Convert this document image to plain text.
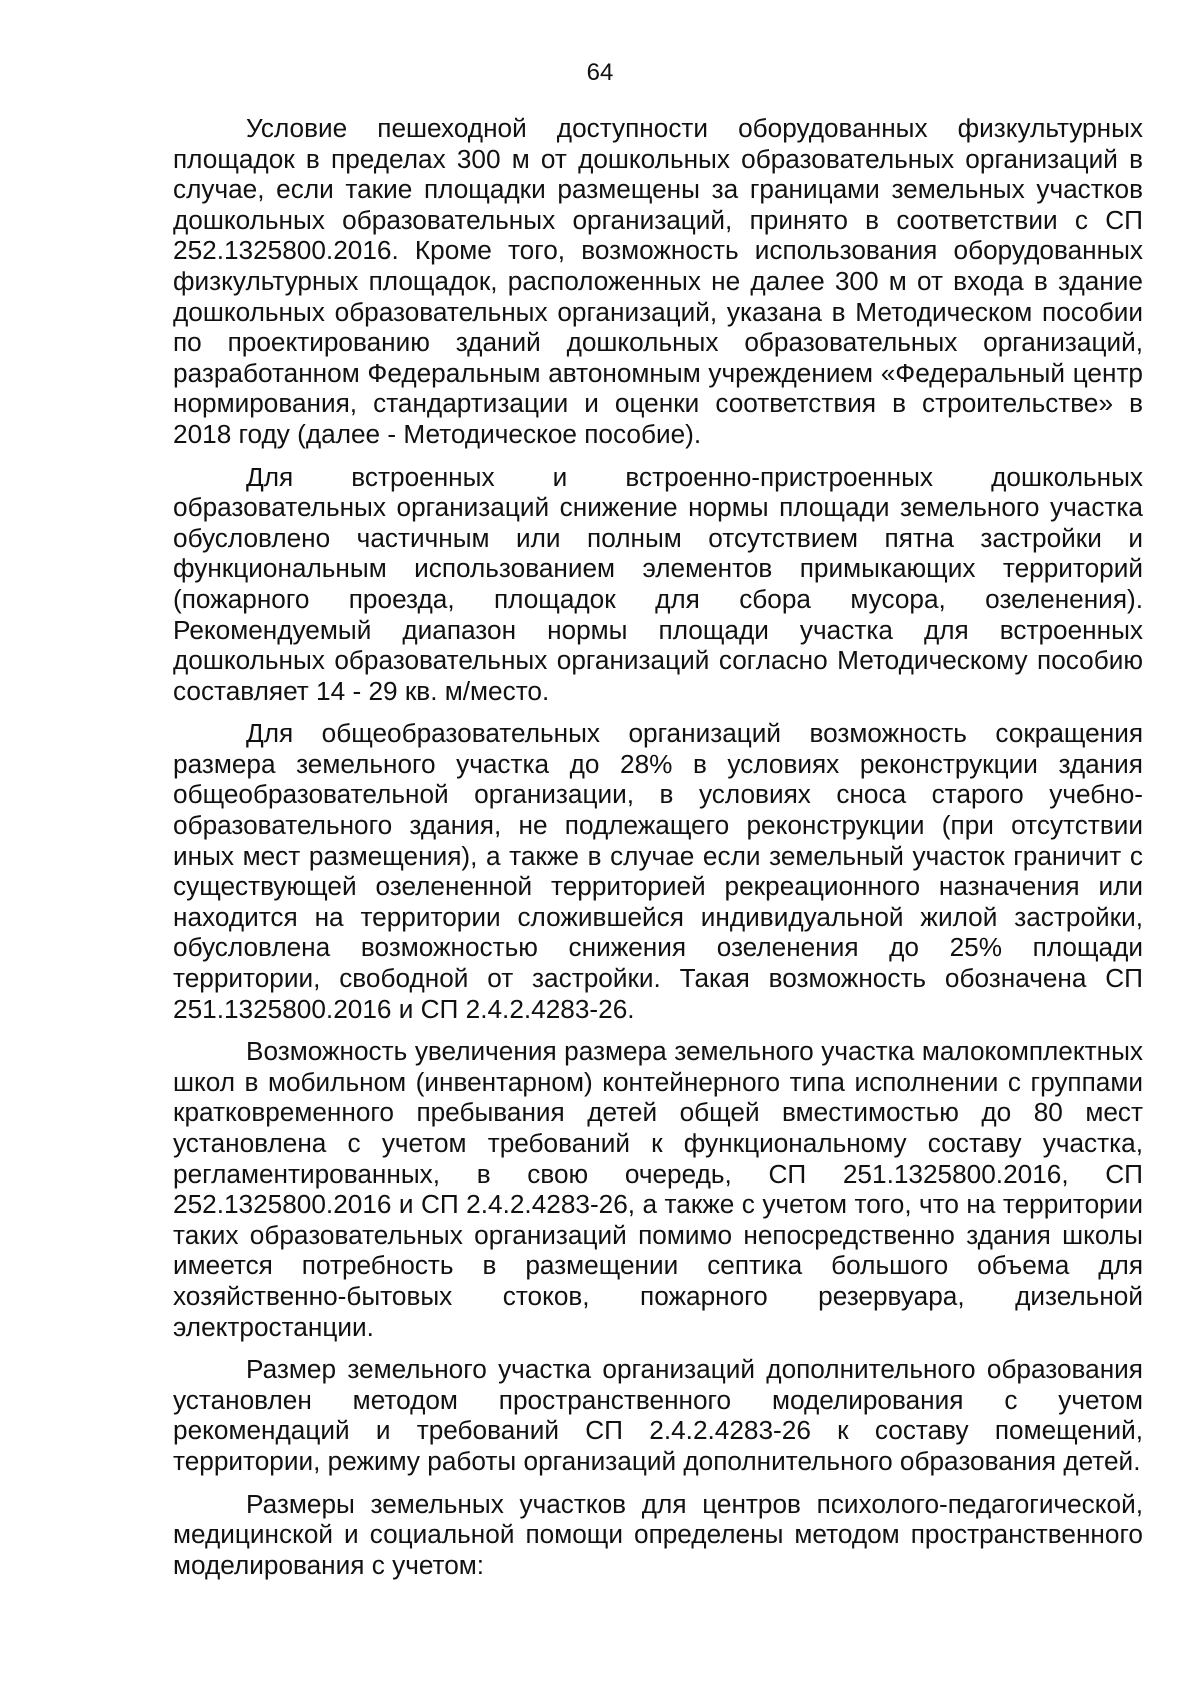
64

Условие пешеходной доступности оборудованных физкультурных площадок в пределах 300 м от дошкольных образовательных организаций в случае, если такие площадки размещены за границами земельных участков дошкольных образовательных организаций, принято в соответствии с СП 252.1325800.2016. Кроме того, возможность использования оборудованных физкультурных площадок, расположенных не далее 300 м от входа в здание дошкольных образовательных организаций, указана в Методическом пособии по проектированию зданий дошкольных образовательных организаций, разработанном Федеральным автономным учреждением «Федеральный центр нормирования, стандартизации и оценки соответствия в строительстве» в 2018 году (далее - Методическое пособие).

Для встроенных и встроенно-пристроенных дошкольных образовательных организаций снижение нормы площади земельного участка обусловлено частичным или полным отсутствием пятна застройки и функциональным использованием элементов примыкающих территорий (пожарного проезда, площадок для сбора мусора, озеленения). Рекомендуемый диапазон нормы площади участка для встроенных дошкольных образовательных организаций согласно Методическому пособию составляет 14 - 29 кв. м/место.

Для общеобразовательных организаций возможность сокращения размера земельного участка до 28% в условиях реконструкции здания общеобразовательной организации, в условиях сноса старого учебно-образовательного здания, не подлежащего реконструкции (при отсутствии иных мест размещения), а также в случае если земельный участок граничит с существующей озелененной территорией рекреационного назначения или находится на территории сложившейся индивидуальной жилой застройки, обусловлена возможностью снижения озеленения до 25% площади территории, свободной от застройки. Такая возможность обозначена СП 251.1325800.2016 и СП 2.4.2.4283-26.

Возможность увеличения размера земельного участка малокомплектных школ в мобильном (инвентарном) контейнерного типа исполнении с группами кратковременного пребывания детей общей вместимостью до 80 мест установлена с учетом требований к функциональному составу участка, регламентированных, в свою очередь, СП 251.1325800.2016, СП 252.1325800.2016 и СП 2.4.2.4283-26, а также с учетом того, что на территории таких образовательных организаций помимо непосредственно здания школы имеется потребность в размещении септика большого объема для хозяйственно-бытовых стоков, пожарного резервуара, дизельной электростанции.

Размер земельного участка организаций дополнительного образования установлен методом пространственного моделирования с учетом рекомендаций и требований СП 2.4.2.4283-26 к составу помещений, территории, режиму работы организаций дополнительного образования детей.

Размеры земельных участков для центров психолого-педагогической, медицинской и социальной помощи определены методом пространственного моделирования с учетом:
